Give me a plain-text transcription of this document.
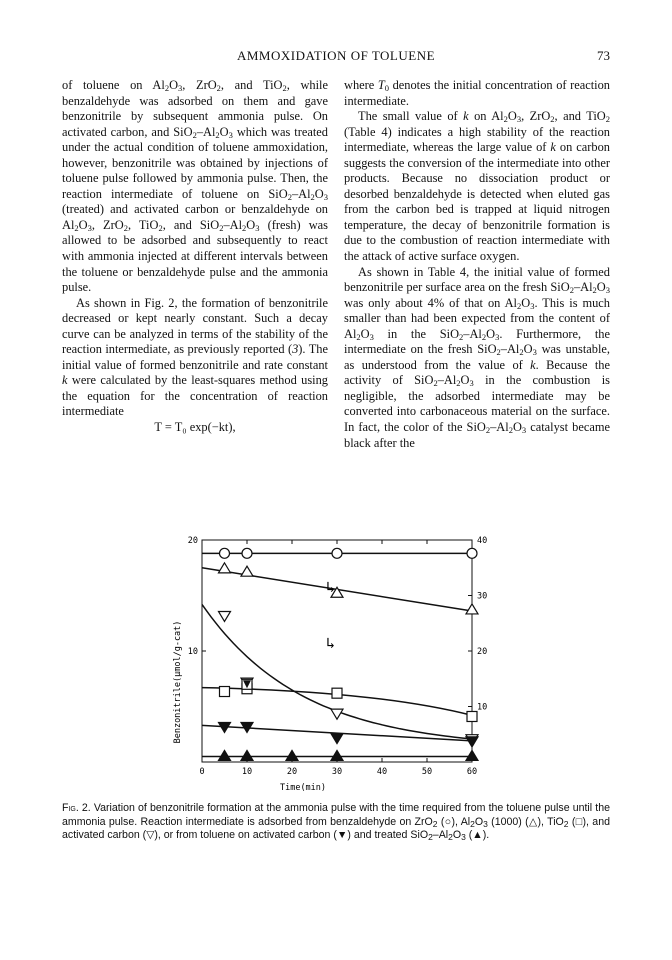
AMMOXIDATION OF TOLUENE	73

of toluene on $Al_2O_3$, ZrO$_2$, and TiO$_2$, while benzaldehyde was adsorbed on them and gave benzonitrile by subsequent ammonia pulse. On activated carbon, and $SiO_2-Al_2O_3$ which was treated under the actual condition of toluene ammoxidation, however, benzonitrile was obtained by injections of toluene pulse followed by ammonia pulse. Then, the reaction intermediate of toluene on $SiO_2-Al_2O_3$ (treated) and activated carbon or benzaldehyde on $Al_2O_3$, ZrO$_2$, TiO$_2$, and $SiO_2-Al_2O_3$ (fresh) was allowed to be adsorbed and subsequently to react with ammonia injected at different intervals between the toluene or benzaldehyde pulse and the ammonia pulse.

As shown in Fig. 2, the formation of benzonitrile decreased or kept nearly constant. Such a decay curve can be analyzed in terms of the stability of the reaction intermediate, as previously reported (3). The initial value of formed benzonitrile and rate constant k were calculated by the least-squares method using the equation for the concentration of reaction intermediate

T = T₀ exp(−kt),

where $T_0$ denotes the initial concentration of reaction intermediate.

The small value of k on $Al_2O_3$, ZrO$_2$, and TiO$_2$ (Table 4) indicates a high stability of the reaction intermediate, whereas the large value of k on carbon suggests the conversion of the intermediate into other products. Because no dissociation product or desorbed benzaldehyde is detected when eluted gas from the carbon bed is trapped at liquid nitrogen temperature, the decay of benzonitrile formation is due to the combustion of reaction intermediate with the attack of active surface oxygen.

As shown in Table 4, the initial value of formed benzonitrile per surface area on the fresh $SiO_2-Al_2O_3$ was only about 4% of that on $Al_2O_3$. This is much smaller than had been expected from the content of $Al_2O_3$ in the $SiO_2-Al_2O_3$. Furthermore, the intermediate on the fresh $SiO_2-Al_2O_3$ was unstable, as understood from the value of k. Because the activity of $SiO_2-Al_2O_3$ in the combustion is negligible, the adsorbed intermediate may be converted into carbonaceous material on the surface. In fact, the color of the $SiO_2-Al_2O_3$ catalyst became black after the

0	10	20	30	40	50	60
10
20
10
20
30
40
Benzonitrile(μmol/g-cat)
Time(min)
↳
↳
Fig. 2. Variation of benzonitrile formation at the ammonia pulse with the time required from the toluene pulse until the ammonia pulse. Reaction intermediate is adsorbed from benzaldehyde on ZrO$_2$ (○), $Al_2O_3$ (1000) (△), TiO$_2$ (□), and activated carbon (▽), or from toluene on activated carbon (▼) and treated $SiO_2-Al_2O_3$ (▲).
